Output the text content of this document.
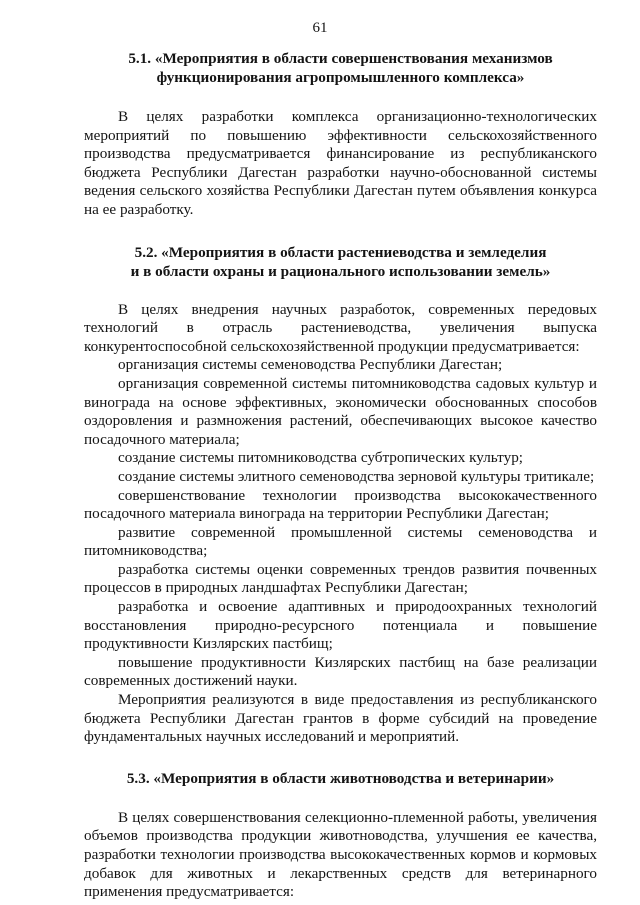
61
5.1. «Мероприятия в области совершенствования механизмов
функционирования агропромышленного комплекса»

В целях разработки комплекса организационно-технологических мероприятий по повышению эффективности сельскохозяйственного производства предусматривается финансирование из республиканского бюджета Республики Дагестан разработки научно-обоснованной системы ведения сельского хозяйства Республики Дагестан путем объявления конкурса на ее разработку.

5.2. «Мероприятия в области растениеводства и земледелия
и в области охраны и рационального использовании земель»

В целях внедрения научных разработок, современных передовых технологий в отрасль растениеводства, увеличения выпуска конкурентоспособной сельскохозяйственной продукции предусматривается:

организация системы семеноводства Республики Дагестан;

организация современной системы питомниководства садовых культур и винограда на основе эффективных, экономически обоснованных способов оздоровления и размножения растений, обеспечивающих высокое качество посадочного материала;

создание системы питомниководства субтропических культур;

создание системы элитного семеноводства зерновой культуры тритикале;

совершенствование технологии производства высококачественного посадочного материала винограда на территории Республики Дагестан;

развитие современной промышленной системы семеноводства и питомниководства;

разработка системы оценки современных трендов развития почвенных процессов в природных ландшафтах Республики Дагестан;

разработка и освоение адаптивных и природоохранных технологий восстановления природно-ресурсного потенциала и повышение продуктивности Кизлярских пастбищ;

повышение продуктивности Кизлярских пастбищ на базе реализации современных достижений науки.

Мероприятия реализуются в виде предоставления из республиканского бюджета Республики Дагестан грантов в форме субсидий на проведение фундаментальных научных исследований и мероприятий.

5.3. «Мероприятия в области животноводства и ветеринарии»

В целях совершенствования селекционно-племенной работы, увеличения объемов производства продукции животноводства, улучшения ее качества, разработки технологии производства высококачественных кормов и кормовых добавок для животных и лекарственных средств для ветеринарного применения предусматривается:
